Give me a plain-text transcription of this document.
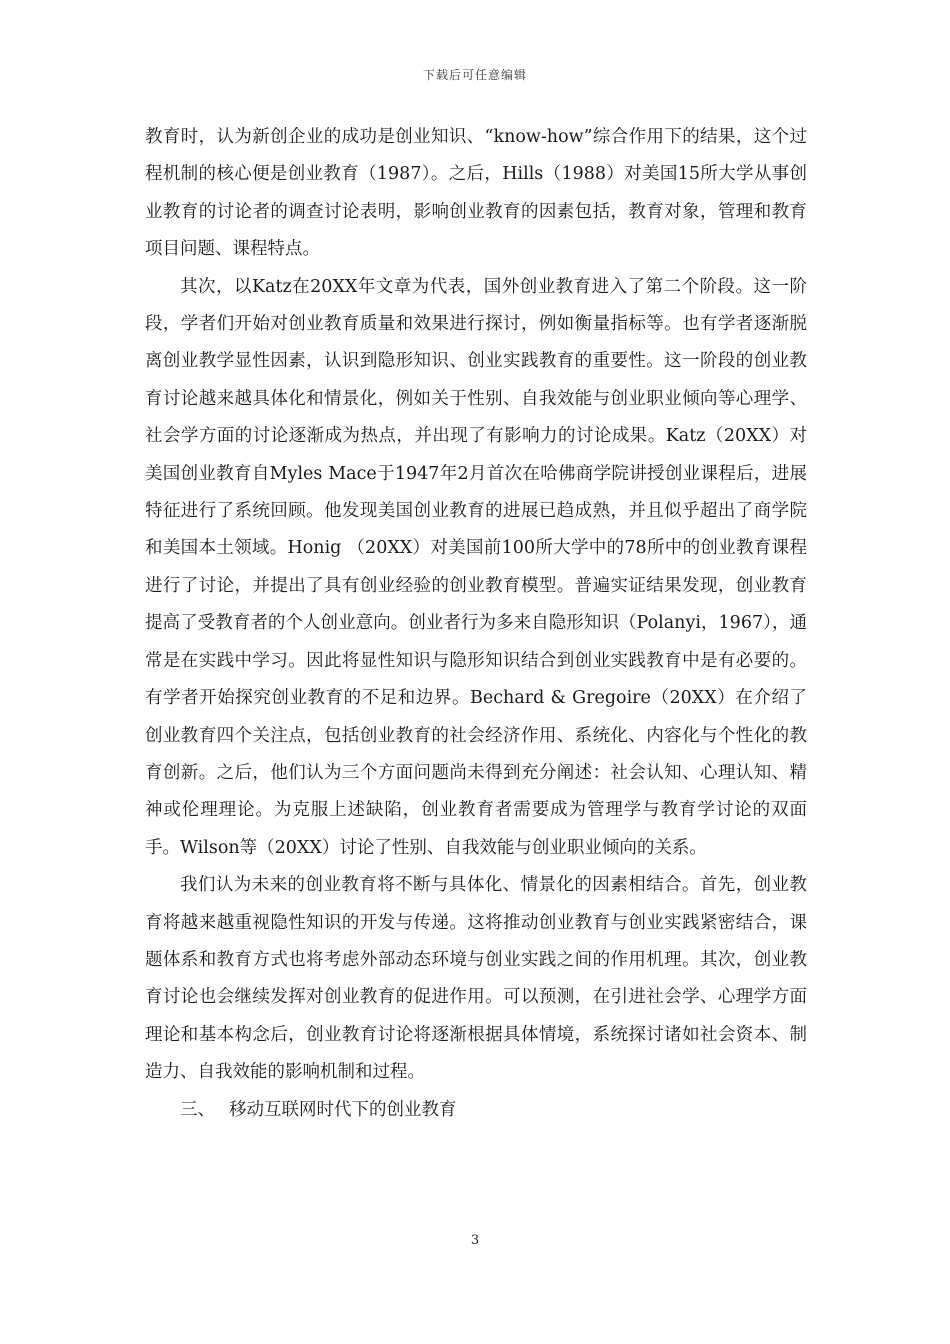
下载后可任意编辑

教育时，认为新创企业的成功是创业知识、“know-how”综合作用下的结果，这个过程机制的核心便是创业教育（1987）。之后，Hills（1988）对美国15所大学从事创业教育的讨论者的调查讨论表明，影响创业教育的因素包括，教育对象，管理和教育项目问题、课程特点。

其次，以Katz在20XX年文章为代表，国外创业教育进入了第二个阶段。这一阶段，学者们开始对创业教育质量和效果进行探讨，例如衡量指标等。也有学者逐渐脱离创业教学显性因素，认识到隐形知识、创业实践教育的重要性。这一阶段的创业教育讨论越来越具体化和情景化，例如关于性别、自我效能与创业职业倾向等心理学、社会学方面的讨论逐渐成为热点，并出现了有影响力的讨论成果。Katz（20XX）对美国创业教育自Myles Mace于1947年2月首次在哈佛商学院讲授创业课程后，进展特征进行了系统回顾。他发现美国创业教育的进展已趋成熟，并且似乎超出了商学院和美国本土领域。Honig （20XX）对美国前100所大学中的78所中的创业教育课程进行了讨论，并提出了具有创业经验的创业教育模型。普遍实证结果发现，创业教育提高了受教育者的个人创业意向。创业者行为多来自隐形知识（Polanyi，1967），通常是在实践中学习。因此将显性知识与隐形知识结合到创业实践教育中是有必要的。有学者开始探究创业教育的不足和边界。Bechard & Gregoire（20XX）在介绍了创业教育四个关注点，包括创业教育的社会经济作用、系统化、内容化与个性化的教育创新。之后，他们认为三个方面问题尚未得到充分阐述：社会认知、心理认知、精神或伦理理论。为克服上述缺陷，创业教育者需要成为管理学与教育学讨论的双面手。Wilson等（20XX）讨论了性别、自我效能与创业职业倾向的关系。

我们认为未来的创业教育将不断与具体化、情景化的因素相结合。首先，创业教育将越来越重视隐性知识的开发与传递。这将推动创业教育与创业实践紧密结合，课题体系和教育方式也将考虑外部动态环境与创业实践之间的作用机理。其次，创业教育讨论也会继续发挥对创业教育的促进作用。可以预测，在引进社会学、心理学方面理论和基本构念后，创业教育讨论将逐渐根据具体情境，系统探讨诸如社会资本、制造力、自我效能的影响机制和过程。

三、 移动互联网时代下的创业教育
3
